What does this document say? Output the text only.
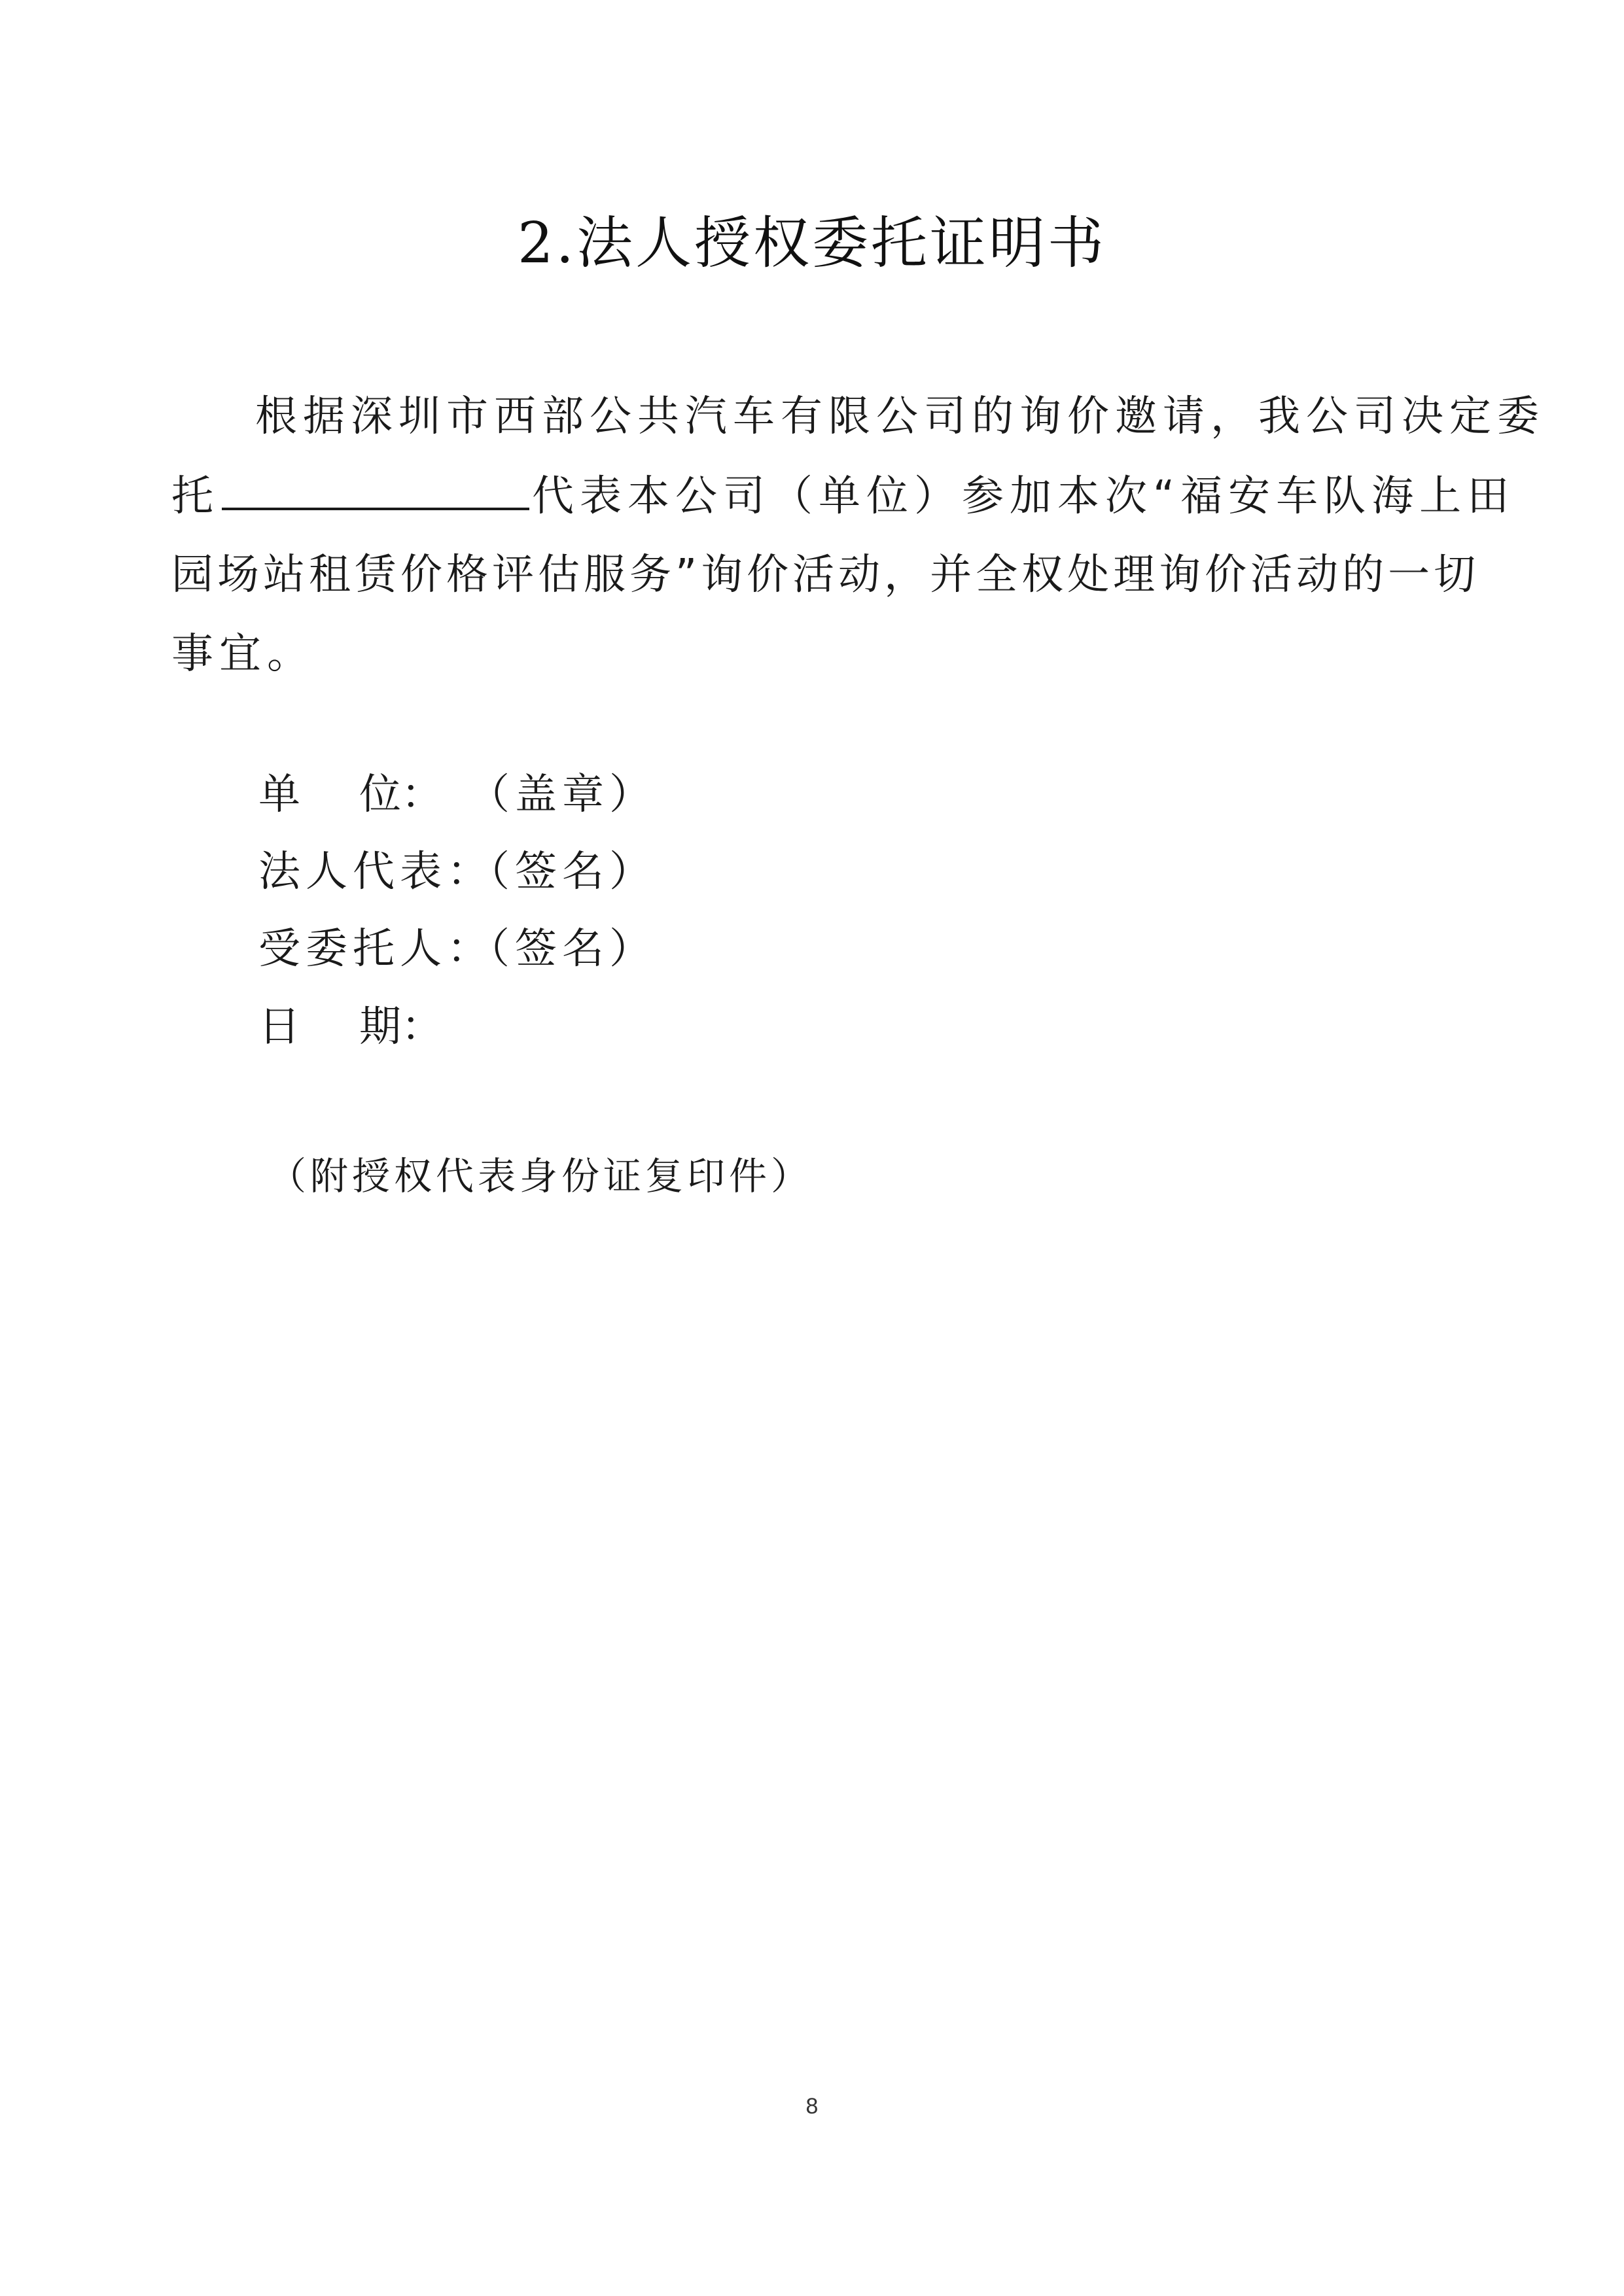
2.法人授权委托证明书
根据深圳市西部公共汽车有限公司的询价邀请，我公司决定委
托	代表本公司（单位）参加本次“福安车队海上田
园场站租赁价格评估服务”询价活动，并全权处理询价活动的一切
事宜。
单 位： （盖章）
法人代表：（签名）
受委托人：（签名）
日 期：
（附授权代表身份证复印件）
8
